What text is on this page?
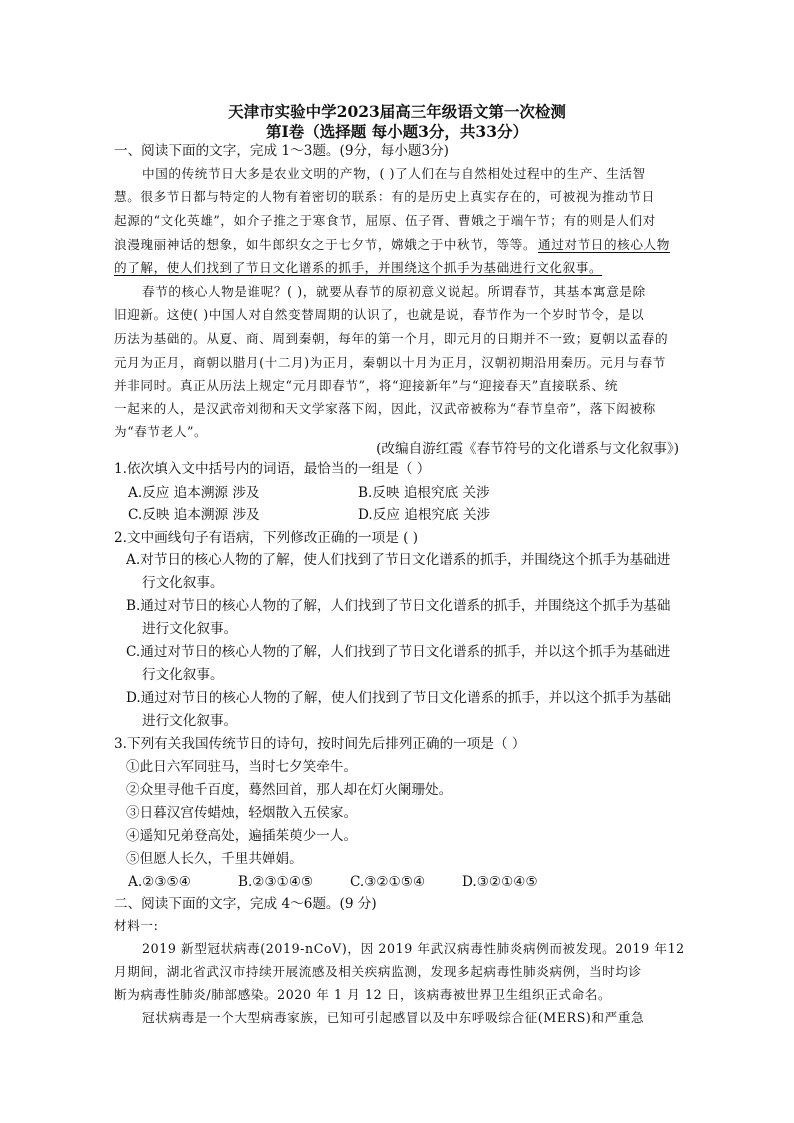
天津市实验中学2023届高三年级语文第一次检测
第Ⅰ卷（选择题 每小题3分，共33分）
一、阅读下面的文字，完成 1～3题。(9分，每小题3分)
中国的传统节日大多是农业文明的产物，( )了人们在与自然相处过程中的生产、生活智
慧。很多节日都与特定的人物有着密切的联系：有的是历史上真实存在的，可被视为推动节日
起源的“文化英雄”，如介子推之于寒食节，屈原、伍子胥、曹娥之于端午节；有的则是人们对
浪漫瑰丽神话的想象，如牛郎织女之于七夕节，嫦娥之于中秋节，等等。 通过对节日的核心人物
的了解，使人们找到了节日文化谱系的抓手，并围绕这个抓手为基础进行文化叙事。
春节的核心人物是谁呢？( )，就要从春节的原初意义说起。所谓春节，其基本寓意是除
旧迎新。这使( )中国人对自然变替周期的认识了，也就是说，春节作为一个岁时节令，是以
历法为基础的。从夏、商、周到秦朝，每年的第一个月，即元月的日期并不一致；夏朝以孟春的
元月为正月，商朝以腊月(十二月)为正月，秦朝以十月为正月，汉朝初期沿用秦历。元月与春节
并非同时。真正从历法上规定“元月即春节”，将“迎接新年”与“迎接春天”直接联系、统
一起来的人，是汉武帝刘彻和天文学家落下闳，因此，汉武帝被称为“春节皇帝”，落下闳被称
为“春节老人”。
(改编自游红霞《春节符号的文化谱系与文化叙事》)
1.依次填入文中括号内的词语，最恰当的一组是（ ）
A.反应 追本溯源 涉及	B.反映 追根究底 关涉
C.反映 追本溯源 涉及	D.反应 追根究底 关涉
2.文中画线句子有语病，下列修改正确的一项是 ( )
A.对节日的核心人物的了解，使人们找到了节日文化谱系的抓手，并围绕这个抓手为基础进
行文化叙事。
B.通过对节日的核心人物的了解，人们找到了节日文化谱系的抓手，并围绕这个抓手为基础
进行文化叙事。
C.通过对节日的核心人物的了解，人们找到了节日文化谱系的抓手，并以这个抓手为基础进
行文化叙事。
D.通过对节日的核心人物的了解，使人们找到了节日文化谱系的抓手，并以这个抓手为基础
进行文化叙事。
3.下列有关我国传统节日的诗句，按时间先后排列正确的一项是（ ）
①此日六军同驻马，当时七夕笑牵牛。
②众里寻他千百度，蓦然回首，那人却在灯火阑珊处。
③日暮汉宫传蜡烛，轻烟散入五侯家。
④遥知兄弟登高处，遍插茱萸少一人。
⑤但愿人长久，千里共婵娟。
A.②③⑤④	B.②③①④⑤	C.③②①⑤④	D.③②①④⑤
二、阅读下面的文字，完成 4～6题。(9 分)
材料一:
2019 新型冠状病毒(2019-nCoV)，因 2019 年武汉病毒性肺炎病例而被发现。2019 年12
月期间，湖北省武汉市持续开展流感及相关疾病监测，发现多起病毒性肺炎病例，当时均诊
断为病毒性肺炎/肺部感染。2020 年 1 月 12 日，该病毒被世界卫生组织正式命名。
冠状病毒是一个大型病毒家族，已知可引起感冒以及中东呼吸综合征(MERS)和严重急
